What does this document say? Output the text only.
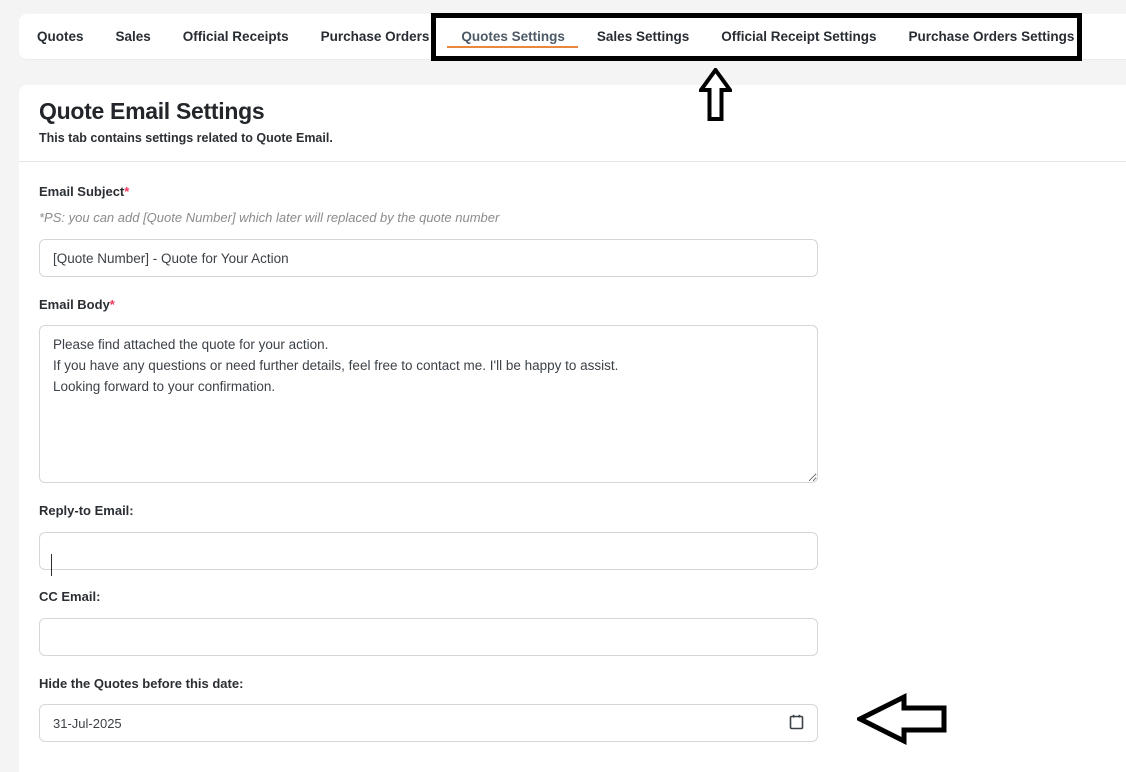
Quotes	Sales	Official Receipts	Purchase Orders	Quotes Settings	Sales Settings	Official Receipt Settings	Purchase Orders Settings
Quote Email Settings
This tab contains settings related to Quote Email.
Email Subject*
*PS: you can add [Quote Number] which later will replaced by the quote number
[Quote Number] - Quote for Your Action
Email Body*
Please find attached the quote for your action. If you have any questions or need further details, feel free to contact me. I'll be happy to assist. Looking forward to your confirmation.
Reply-to Email:
CC Email:
Hide the Quotes before this date:
31-Jul-2025
